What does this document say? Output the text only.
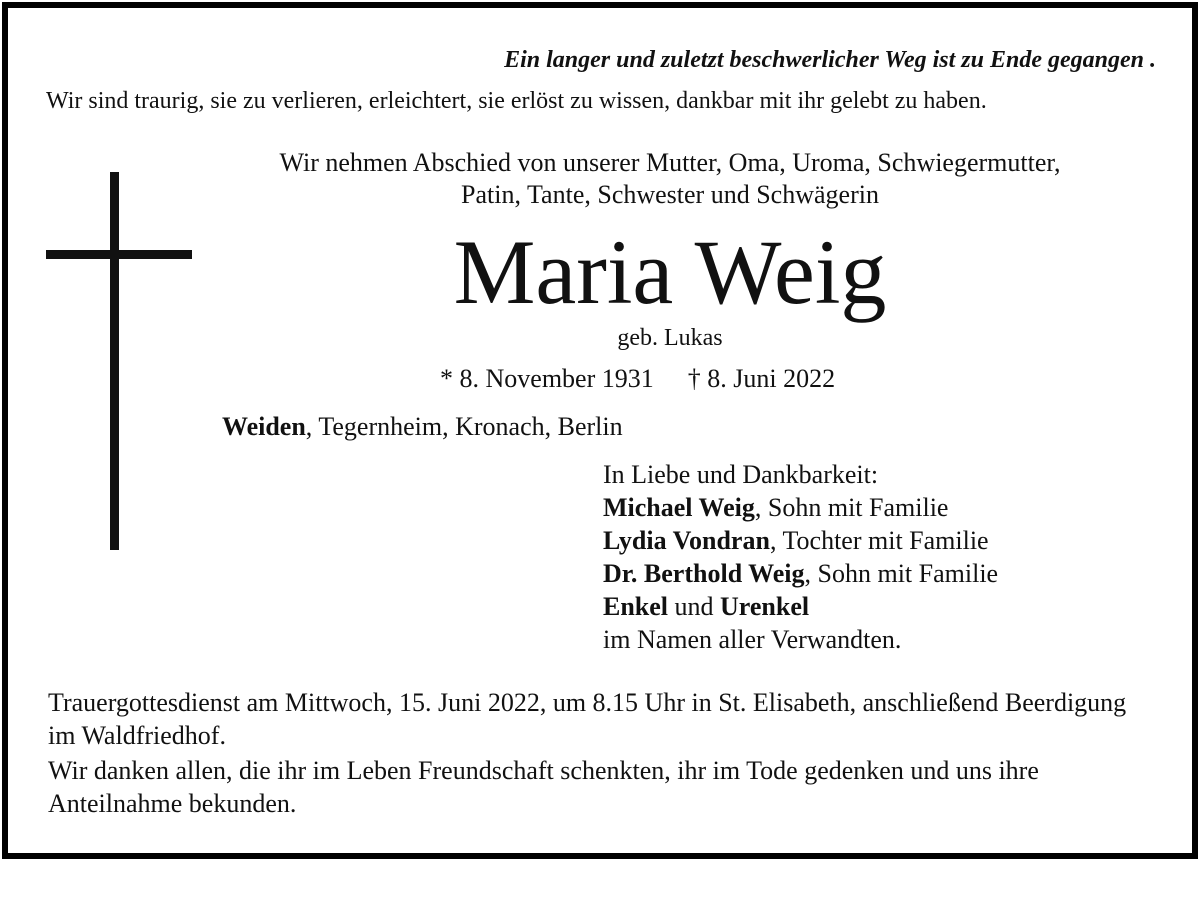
Ein langer und zuletzt beschwerlicher Weg ist zu Ende gegangen .
Wir sind traurig, sie zu verlieren, erleichtert, sie erlöst zu wissen, dankbar mit ihr gelebt zu haben.
Wir nehmen Abschied von unserer Mutter, Oma, Uroma, Schwiegermutter,
Patin, Tante, Schwester und Schwägerin
Maria Weig
geb. Lukas
* 8. November 1931 † 8. Juni 2022
Weiden, Tegernheim, Kronach, Berlin
In Liebe und Dankbarkeit:
Michael Weig, Sohn mit Familie
Lydia Vondran, Tochter mit Familie
Dr. Berthold Weig, Sohn mit Familie
Enkel und Urenkel
im Namen aller Verwandten.
Trauergottesdienst am Mittwoch, 15. Juni 2022, um 8.15 Uhr in St. Elisabeth, anschließend Beerdigung im Waldfriedhof.
Wir danken allen, die ihr im Leben Freundschaft schenkten, ihr im Tode gedenken und uns ihre Anteilnahme bekunden.
